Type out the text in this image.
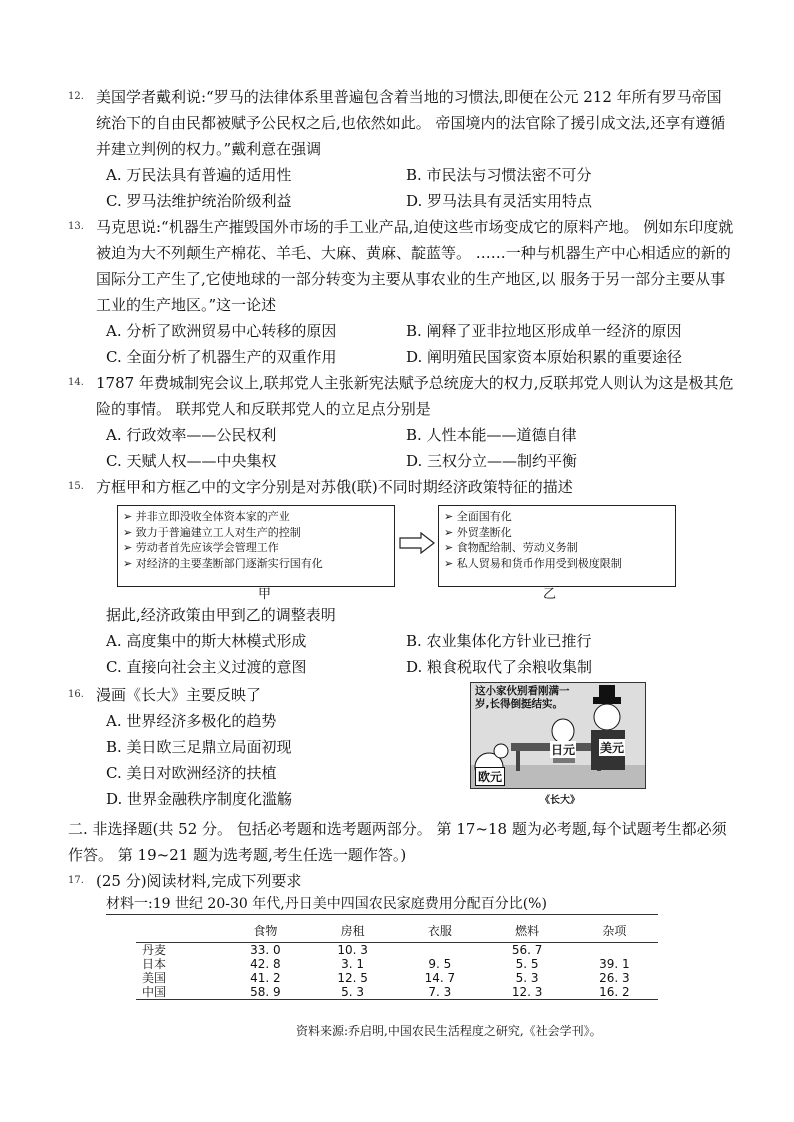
12. 美国学者戴利说:“罗马的法律体系里普遍包含着当地的习惯法,即便在公元 212 年所有罗马帝国统治下的自由民都被赋予公民权之后,也依然如此。 帝国境内的法官除了援引成文法,还享有遵循并建立判例的权力。”戴利意在强调
A. 万民法具有普遍的适用性	B. 市民法与习惯法密不可分
C. 罗马法维护统治阶级利益	D. 罗马法具有灵活实用特点
13. 马克思说:“机器生产摧毁国外市场的手工业产品,迫使这些市场变成它的原料产地。 例如东印度就被迫为大不列颠生产棉花、羊毛、大麻、黄麻、靛蓝等。 ……一种与机器生产中心相适应的新的国际分工产生了,它使地球的一部分转变为主要从事农业的生产地区,以 服务于另一部分主要从事工业的生产地区。”这一论述
A. 分析了欧洲贸易中心转移的原因	B. 阐释了亚非拉地区形成单一经济的原因
C. 全面分析了机器生产的双重作用	D. 阐明殖民国家资本原始积累的重要途径
14. 1787 年费城制宪会议上,联邦党人主张新宪法赋予总统庞大的权力,反联邦党人则认为这是极其危险的事情。 联邦党人和反联邦党人的立足点分别是
A. 行政效率——公民权利	B. 人性本能——道德自律
C. 天赋人权——中央集权	D. 三权分立——制约平衡
15. 方框甲和方框乙中的文字分别是对苏俄(联)不同时期经济政策特征的描述
➢ 并非立即没收全体资本家的产业
➢ 致力于普遍建立工人对生产的控制
➢ 劳动者首先应该学会管理工作
➢ 对经济的主要垄断部门逐渐实行国有化
➢ 全面国有化
➢ 外贸垄断化
➢ 食物配给制、劳动义务制
➢ 私人贸易和货币作用受到极度限制
甲	乙
据此,经济政策由甲到乙的调整表明
A. 高度集中的斯大林模式形成	B. 农业集体化方针业已推行
C. 直接向社会主义过渡的意图	D. 粮食税取代了余粮收集制
16. 漫画《长大》主要反映了
A. 世界经济多极化的趋势
B. 美日欧三足鼎立局面初现
C. 美日对欧洲经济的扶植
D. 世界金融秩序制度化滥觞
这小家伙别看刚满一
岁,长得倒挺结实。
欧元
日元 美元
《长大》
二. 非选择题(共 52 分。 包括必考题和选考题两部分。 第 17~18 题为必考题,每个试题考生都必须作答。 第 19~21 题为选考题,考生任选一题作答。)
17. (25 分)阅读材料,完成下列要求
材料一:19 世纪 20-30 年代,丹日美中四国农民家庭费用分配百分比(%)
	食物	房租	衣服	燃料	杂项
丹麦	33. 0	10. 3		56. 7	
日本	42. 8	3. 1	9. 5	5. 5	39. 1
美国	41. 2	12. 5	14. 7	5. 3	26. 3
中国	58. 9	5. 3	7. 3	12. 3	16. 2
资料来源:乔启明,中国农民生活程度之研究,《社会学刊》。
